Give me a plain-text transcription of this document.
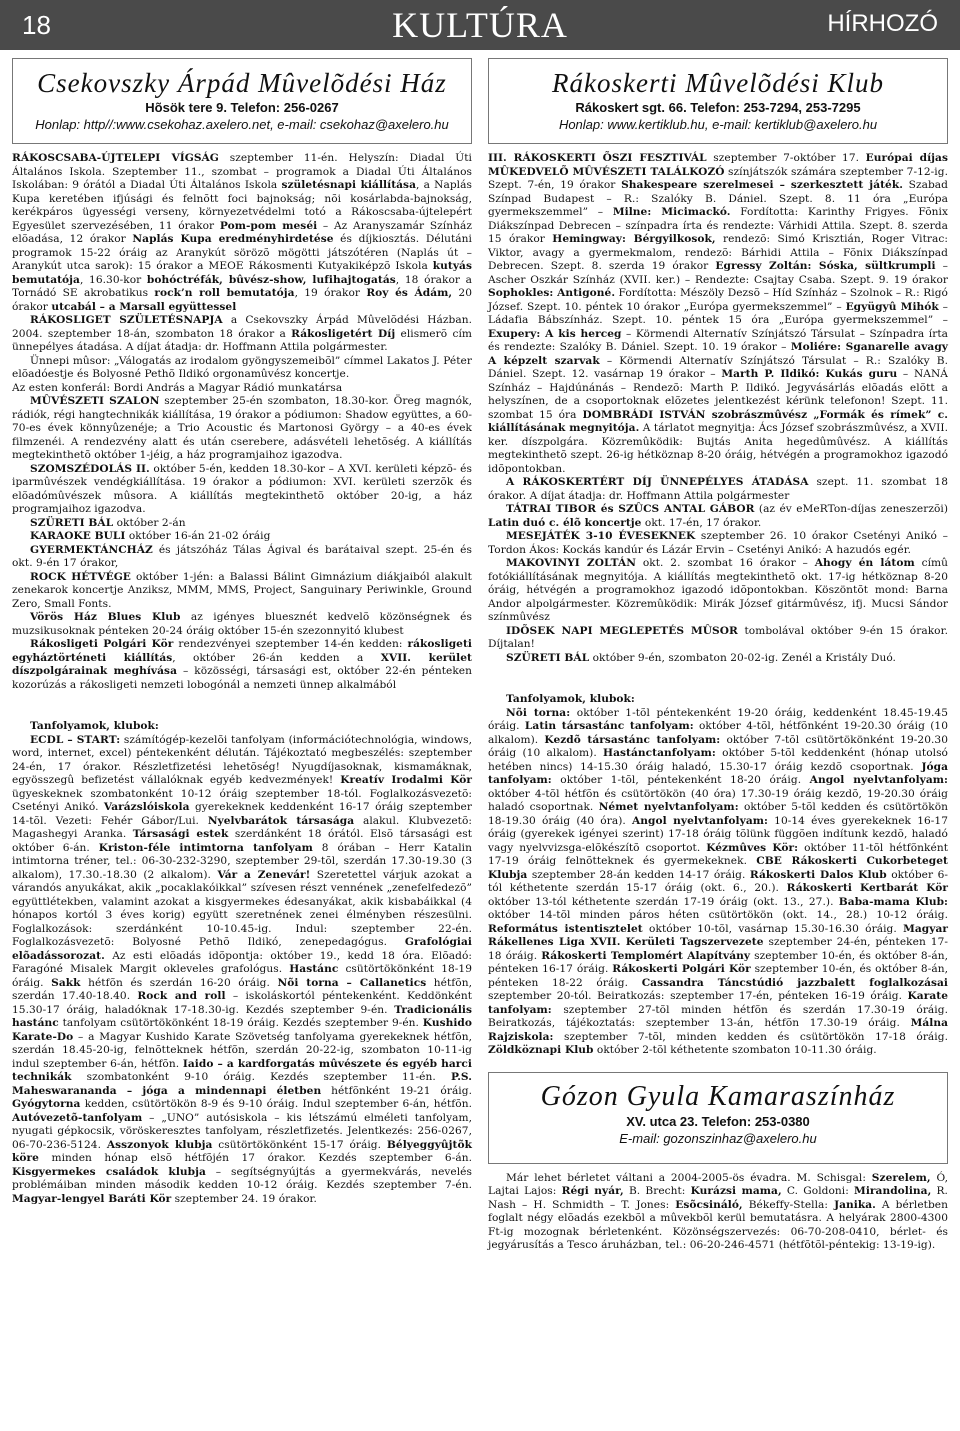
18	KULTÚRA	HÍRHOZÓ
Csekovszky Árpád Mûvelõdési Ház
Hõsök tere 9. Telefon: 256-0267
Honlap: http//:www.csekohaz.axelero.net, e-mail: csekohaz@axelero.hu

RÁKOSCSABA-ÚJTELEPI VÍGSÁG szeptember 11-én. Helyszín: Diadal Úti Általános Iskola. Szeptember 11., szombat – programok a Diadal Úti Általános Iskolában: 9 órától a Diadal Úti Általános Iskola születésnapi kiállítása, a Naplás Kupa keretében ifjúsági és felnõtt foci bajnokság; nõi kosárlabda-bajnokság, kerékpáros ügyességi verseny, környezetvédelmi totó a Rákoscsaba-újtelepért Egyesület szervezésében, 11 órakor Pom-pom meséi – Az Aranyszamár Színház elõadása, 12 órakor Naplás Kupa eredményhirdetése és díjkiosztás. Délutáni programok 15-22 óráig az Aranykút sörözõ mögötti játszótéren (Naplás út – Aranykút utca sarok): 15 órakor a MEOE Rákosmenti Kutyakiképzõ Iskola kutyás bemutatója, 16.30-kor bohóctréfák, bûvész-show, lufihajtogatás, 18 órakor a Tornádó SE akrobatikus rock’n roll bemutatója, 19 órakor Roy és Ádám, 20 órakor utcabál – a Marsall együttessel

RÁKOSLIGET SZÜLETÉSNAPJA a Csekovszky Árpád Mûvelõdési Házban. 2004. szeptember 18-án, szombaton 18 órakor a Rákosligetért Díj elismerõ cím ünnepélyes átadása. A díjat átadja: dr. Hoffmann Attila polgármester.

Ünnepi mûsor: „Válogatás az irodalom gyöngyszemeibõl” címmel Lakatos J. Péter elõadóestje és Bolyosné Pethõ Ildikó orgonamûvész koncertje.

Az esten konferál: Bordi András a Magyar Rádió munkatársa

MÛVÉSZETI SZALON szeptember 25-én szombaton, 18.30-kor. Öreg magnók, rádiók, régi hangtechnikák kiállítása, 19 órakor a pódiumon: Shadow együttes, a 60-70-es évek könnyûzenéje; a Trio Acoustic és Martonosi György – a 40-es évek filmzenéi. A rendezvény alatt és után cserebere, adásvételi lehetõség. A kiállítás megtekinthetõ október 1-jéig, a ház programjaihoz igazodva.

SZOMSZÉDOLÁS II. október 5-én, kedden 18.30-kor – A XVI. kerületi képzõ- és iparmûvészek vendégkiállítása. 19 órakor a pódiumon: XVI. kerületi szerzõk és elõadómûvészek mûsora. A kiállítás megtekinthetõ október 20-ig, a ház programjaihoz igazodva.

SZÜRETI BÁL október 2-án

KARAOKE BULI október 16-án 21-02 óráig

GYERMEKTÁNCHÁZ és játszóház Tálas Ágival és barátaival szept. 25-én és okt. 9-én 17 órakor,

ROCK HÉTVÉGE október 1-jén: a Balassi Bálint Gimnázium diákjaiból alakult zenekarok koncertje Anziksz, MMM, MMS, Project, Sanguinary Periwinkle, Ground Zero, Small Fonts.

Vörös Ház Blues Klub az igényes bluesznét kedvelõ közönségnek és muzsikusoknak pénteken 20-24 óráig október 15-én szezonnyitó klubest

Rákosligeti Polgári Kör rendezvényei szeptember 14-én kedden: rákosligeti egyháztörténeti kiállítás, október 26-án kedden a XVII. kerület díszpolgárainak meghívása – közösségi, társasági est, október 22-én pénteken kozorúzás a rákosligeti nemzeti lobogónál a nemzeti ünnep alkalmából

Tanfolyamok, klubok:

ECDL – START: számítógép-kezelõi tanfolyam (információtechnológia, windows, word, internet, excel) péntekenként délután. Tájékoztató megbeszélés: szeptember 24-én, 17 órakor. Részletfizetési lehetõség! Nyugdíjasoknak, kismamáknak, egyösszegû befizetést vállalóknak egyéb kedvezmények! Kreatív Irodalmi Kör ügyeskeknek szombatonként 10-12 óráig szeptember 18-tól. Foglalkozásvezetõ: Csetényi Anikó. Varázslóiskola gyerekeknek keddenként 16-17 óráig szeptember 14-tõl. Vezeti: Fehér Gábor/Lui. Nyelvbarátok társasága alakul. Klubvezetõ: Magashegyi Aranka. Társasági estek szerdánként 18 órától. Elsõ társasági est október 6-án. Kriston-féle intimtorna tanfolyam 8 órában – Herr Katalin intimtorna tréner, tel.: 06-30-232-3290, szeptember 29-tõl, szerdán 17.30-19.30 (3 alkalom), 17.30.-18.30 (2 alkalom). Vár a Zenevár! Szeretettel várjuk azokat a várandós anyukákat, akik „pocaklakóikkal” szívesen részt vennének „zenefelfedezõ” együttlétekben, valamint azokat a kisgyermekes édesanyákat, akik kisbabáikkal (4 hónapos kortól 3 éves korig) együtt szeretnének zenei élményben részesülni. Foglalkozások: szerdánként 10-10.45-ig. Indul: szeptember 22-én. Foglalkozásvezetõ: Bolyosné Pethõ Ildikó, zenepedagógus. Grafológiai elõadássorozat. Az esti elõadás idõpontja: október 19., kedd 18 óra. Elõadó: Faragóné Misalek Margit okleveles grafológus. Hastánc csütörtökönként 18-19 óráig. Sakk hétfõn és szerdán 16-20 óráig. Nõi torna – Callanetics hétfõn, szerdán 17.40-18.40. Rock and roll – iskoláskortól péntekenként. Keddönként 15.30-17 óráig, haladóknak 17-18.30-ig. Kezdés szeptember 9-én. Tradicionális hastánc tanfolyam csütörtökönként 18-19 óráig. Kezdés szeptember 9-én. Kushido Karate-Do – a Magyar Kushido Karate Szövetség tanfolyama gyerekeknek hétfõn, szerdán 18.45-20-ig, felnõtteknek hétfõn, szerdán 20-22-ig, szombaton 10-11-ig indul szeptember 6-án, hétfõn. Iaido – a kardforgatás mûvészete és egyéb harci technikák szombatonként 9-10 óráig. Kezdés szeptember 11-én. P.S. Maheswarananda – jóga a mindennapi életben hétfõnként 19-21 óráig. Gyógytorna kedden, csütörtökön 8-9 és 9-10 óráig. Indul szeptember 6-án, hétfõn. Autóvezetõ-tanfolyam – „UNO” autósiskola – kis létszámú elméleti tanfolyam, nyugati gépkocsik, vöröskeresztes tanfolyam, részletfizetés. Jelentkezés: 256-0267, 06-70-236-5124. Asszonyok klubja csütörtökönként 15-17 óráig. Bélyeggyûjtõk köre minden hónap elsõ hétfõjén 17 órakor. Kezdés szeptember 6-án. Kisgyermekes családok klubja – segítségnyújtás a gyermekvárás, nevelés problémáiban minden második kedden 10-12 óráig. Kezdés szeptember 7-én. Magyar-lengyel Baráti Kör szeptember 24. 19 órakor.

Rákoskerti Mûvelõdési Klub
Rákoskert sgt. 66. Telefon: 253-7294, 253-7295
Honlap: www.kertiklub.hu, e-mail: kertiklub@axelero.hu

III. RÁKOSKERTI ÕSZI FESZTIVÁL szeptember 7-október 17. Európai díjas MÛKEDVELÕ MÛVÉSZETI TALÁLKOZÓ színjátszók számára szeptember 7-12-ig. Szept. 7-én, 19 órakor Shakespeare szerelmesei – szerkesztett játék. Szabad Színpad Budapest – R.: Szalóky B. Dániel. Szept. 8. 11 óra „Európa gyermekszemmel” – Milne: Micimackó. Fordította: Karinthy Frigyes. Fõnix Diákszínpad Debrecen – színpadra írta és rendezte: Várhidi Attila. Szept. 8. szerda 15 órakor Hemingway: Bérgyilkosok, rendezõ: Simó Krisztián, Roger Vitrac: Viktor, avagy a gyermekmalom, rendezõ: Bárhidi Attila – Fõnix Diákszínpad Debrecen. Szept. 8. szerda 19 órakor Egressy Zoltán: Sóska, sültkrumpli – Ascher Oszkár Színház (XVII. ker.) – Rendezte: Csajtay Csaba. Szept. 9. 19 órakor Sophokles: Antigoné. Fordította: Mészöly Dezsõ – Híd Színház – Szolnok – R.: Rigó József. Szept. 10. péntek 10 órakor „Európa gyermekszemmel” – Együgyû Mihók – Ládafia Bábszínház. Szept. 10. péntek 15 óra „Európa gyermekszemmel” – Exupery: A kis herceg – Körmendi Alternatív Színjátszó Társulat – Színpadra írta és rendezte: Szalóky B. Dániel. Szept. 10. 19 órakor – Moliére: Sganarelle avagy A képzelt szarvak – Körmendi Alternatív Színjátszó Társulat – R.: Szalóky B. Dániel. Szept. 12. vasárnap 19 órakor – Marth P. Ildikó: Kukás guru – NANÁ Színház – Hajdúnánás – Rendezõ: Marth P. Ildikó. Jegyvásárlás elõadás elõtt a helyszínen, de a csoportoknak elõzetes jelentkezést kérünk telefonon! Szept. 11. szombat 15 óra DOMBRÁDI ISTVÁN szobrászmûvész „Formák és rímek” c. kiállításának megnyitója. A tárlatot megnyitja: Ács József szobrászmûvész, a XVII. ker. díszpolgára. Közremûködik: Bujtás Anita hegedûmûvész. A kiállítás megtekinthetõ szept. 26-ig hétköznap 8-20 óráig, hétvégén a programokhoz igazodó idõpontokban.

A RÁKOSKERTÉRT DÍJ ÜNNEPÉLYES ÁTADÁSA szept. 11. szombat 18 órakor. A díjat átadja: dr. Hoffmann Attila polgármester

TÁTRAI TIBOR és SZÛCS ANTAL GÁBOR (az év eMeRTon-díjas zeneszerzõi) Latin duó c. élõ koncertje okt. 17-én, 17 órakor.

MESEJÁTÉK 3-10 ÉVESEKNEK szeptember 26. 10 órakor Csetényi Anikó – Tordon Ákos: Kockás kandúr és Lázár Ervin – Csetényi Anikó: A hazudós egér.

MAKOVINYI ZOLTÁN okt. 2. szombat 16 órakor – Ahogy én látom címû fotókiállításának megnyitója. A kiállítás megtekinthetõ okt. 17-ig hétköznap 8-20 óráig, hétvégén a programokhoz igazodó idõpontokban. Köszöntõt mond: Barna Andor alpolgármester. Közremûködik: Mirák József gitármûvész, ifj. Mucsi Sándor színmûvész

IDÕSEK NAPI MEGLEPETÉS MÛSOR tombolával október 9-én 15 órakor. Díjtalan!

SZÜRETI BÁL október 9-én, szombaton 20-02-ig. Zenél a Kristály Duó.

Tanfolyamok, klubok:

Nõi torna: október 1-tõl péntekenként 19-20 óráig, keddenként 18.45-19.45 óráig. Latin társastánc tanfolyam: október 4-tõl, hétfõnként 19-20.30 óráig (10 alkalom). Kezdõ társastánc tanfolyam: október 7-tõl csütörtökönként 19-20.30 óráig (10 alkalom). Hastánctanfolyam: október 5-tõl keddenként (hónap utolsó hetében nincs) 14-15.30 óráig haladó, 15.30-17 óráig kezdõ csoportnak. Jóga tanfolyam: október 1-tõl, péntekenként 18-20 óráig. Angol nyelvtanfolyam: október 4-tõl hétfõn és csütörtökön (40 óra) 17.30-19 óráig kezdõ, 19-20.30 óráig haladó csoportnak. Német nyelvtanfolyam: október 5-tõl kedden és csütörtökön 18-19.30 óráig (40 óra). Angol nyelvtanfolyam: 10-14 éves gyerekeknek 16-17 óráig (gyerekek igényei szerint) 17-18 óráig tõlünk függõen indítunk kezdõ, haladó vagy nyelvvizsga-elõkészítõ csoportot. Kézmûves Kör: október 11-tõl hétfõnként 17-19 óráig felnõtteknek és gyermekeknek. CBE Rákoskerti Cukorbeteget Klubja szeptember 28-án kedden 14-17 óráig. Rákoskerti Dalos Klub október 6-tól kéthetente szerdán 15-17 óráig (okt. 6., 20.). Rákoskerti Kertbarát Kör október 13-tól kéthetente szerdán 17-19 óráig (okt. 13., 27.). Baba-mama Klub: október 14-tõl minden páros héten csütörtökön (okt. 14., 28.) 10-12 óráig. Református istentisztelet október 10-tõl, vasárnap 15.30-16.30 óráig. Magyar Rákellenes Liga XVII. Kerületi Tagszervezete szeptember 24-én, pénteken 17-18 óráig. Rákoskerti Templomért Alapítvány szeptember 10-én, és október 8-án, pénteken 16-17 óráig. Rákoskerti Polgári Kör szeptember 10-én, és október 8-án, pénteken 18-22 óráig. Cassandra Táncstúdió jazzbalett foglalkozásai szeptember 20-tól. Beiratkozás: szeptember 17-én, pénteken 16-19 óráig. Karate tanfolyam: szeptember 27-tõl minden hétfõn és szerdán 17.30-19 óráig. Beiratkozás, tájékoztatás: szeptember 13-án, hétfõn 17.30-19 óráig. Málna Rajziskola: szeptember 7-tõl, minden kedden és csütörtökön 17-18 óráig. Zöldköznapi Klub október 2-tõl kéthetente szombaton 10-11.30 óráig.

Gózon Gyula Kamaraszínház
XV. utca 23. Telefon: 253-0380
E-mail: gozonszinhaz@axelero.hu

Már lehet bérletet váltani a 2004-2005-ös évadra. M. Schisgal: Szerelem, Ó, Lajtai Lajos: Régi nyár, B. Brecht: Kurázsi mama, C. Goldoni: Mirandolina, R. Nash – H. Schmidth – T. Jones: Esõcsináló, Békeffy-Stella: Janika. A bérletben foglalt négy elõadás ezekbõl a mûvekbõl kerül bemutatásra. A helyárak 2800-4300 Ft-ig mozognak bérletenként. Közönségszervezés: 06-70-208-0410, bérlet- és jegyárusítás a Tesco áruházban, tel.: 06-20-246-4571 (hétfõtõl-péntekig: 13-19-ig).
